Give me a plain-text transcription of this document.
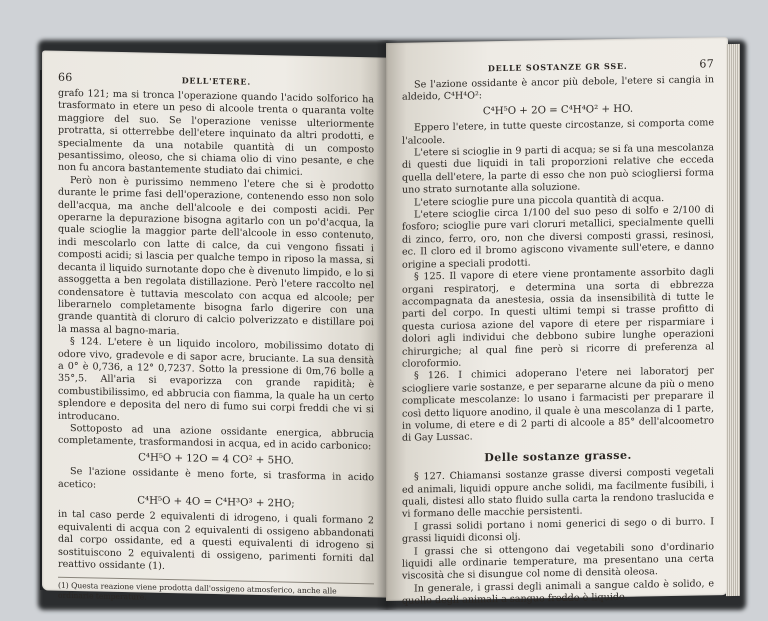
66	DELL'ETERE.

grafo 121; ma si tronca l'operazione quando l'acido solforico ha trasformato in etere un peso di alcoole trenta o quaranta volte maggiore del suo. Se l'operazione venisse ulteriormente protratta, si otterrebbe dell'etere inquinato da altri prodotti, e specialmente da una notabile quantità di un composto pesantissimo, oleoso, che si chiama olio di vino pesante, e che non fu ancora bastantemente studiato dai chimici.

Però non è purissimo nemmeno l'etere che si è prodotto durante le prime fasi dell'operazione, contenendo esso non solo dell'acqua, ma anche dell'alcoole e dei composti acidi. Per operarne la depurazione bisogna agitarlo con un po'd'acqua, la quale scioglie la maggior parte dell'alcoole in esso contenuto, indi mescolarlo con latte di calce, da cui vengono fissati i composti acidi; si lascia per qualche tempo in riposo la massa, si decanta il liquido surnotante dopo che è divenuto limpido, e lo si assoggetta a ben regolata distillazione. Però l'etere raccolto nel condensatore è tuttavia mescolato con acqua ed alcoole; per liberarnelo completamente bisogna farlo digerire con una grande quantità di cloruro di calcio polverizzato e distillare poi la massa al bagno-maria.

§ 124. L'etere è un liquido incoloro, mobilissimo dotato di odore vivo, gradevole e di sapor acre, bruciante. La sua densità a 0° è 0,736, a 12° 0,7237. Sotto la pressione di 0m,76 bolle a 35°,5. All'aria si evaporizza con grande rapidità; è combustibilissimo, ed abbrucia con fiamma, la quale ha un certo splendore e deposita del nero di fumo sui corpi freddi che vi si introducano.

Sottoposto ad una azione ossidante energica, abbrucia completamente, trasformandosi in acqua, ed in acido carbonico:

C⁴H⁵O + 12O = 4 CO² + 5HO.

Se l'azione ossidante è meno forte, si trasforma in acido acetico:

C⁴H⁵O + 4O = C⁴H³O³ + 2HO;

in tal caso perde 2 equivalenti di idrogeno, i quali formano 2 equivalenti di acqua con 2 equivalenti di ossigeno abbandonati dal corpo ossidante, ed a questi equivalenti di idrogeno si sostituiscono 2 equivalenti di ossigeno, parimenti forniti dal reattivo ossidante (1).

(1) Questa reazione viene prodotta dall'ossigeno atmosferico, anche alle ordinarie temperature.
DELLE SOSTANZE GR SSE.	67

Se l'azione ossidante è ancor più debole, l'etere si cangia in aldeido, C⁴H⁴O²:

C⁴H⁵O + 2O = C⁴H⁴O² + HO.

Eppero l'etere, in tutte queste circostanze, si comporta come l'alcoole.

L'etere si scioglie in 9 parti di acqua; se si fa una mescolanza di questi due liquidi in tali proporzioni relative che ecceda quella dell'etere, la parte di esso che non può sciogliersi forma uno strato surnotante alla soluzione.

L'etere scioglie pure una piccola quantità di acqua.

L'etere scioglie circa 1/100 del suo peso di solfo e 2/100 di fosforo; scioglie pure vari cloruri metallici, specialmente quelli di zinco, ferro, oro, non che diversi composti grassi, resinosi, ec. Il cloro ed il bromo agiscono vivamente sull'etere, e danno origine a speciali prodotti.

§ 125. Il vapore di etere viene prontamente assorbito dagli organi respiratorj, e determina una sorta di ebbrezza accompagnata da anestesia, ossia da insensibilità di tutte le parti del corpo. In questi ultimi tempi si trasse profitto di questa curiosa azione del vapore di etere per risparmiare i dolori agli individui che debbono subire lunghe operazioni chirurgiche; al qual fine però si ricorre di preferenza al cloroformio.

§ 126. I chimici adoperano l'etere nei laboratorj per sciogliere varie sostanze, e per separarne alcune da più o meno complicate mescolanze: lo usano i farmacisti per preparare il così detto liquore anodino, il quale è una mescolanza di 1 parte, in volume, di etere e di 2 parti di alcoole a 85° dell'alcoometro di Gay Lussac.

Delle sostanze grasse.

§ 127. Chiamansi sostanze grasse diversi composti vegetali ed animali, liquidi oppure anche solidi, ma facilmente fusibili, i quali, distesi allo stato fluido sulla carta la rendono traslucida e vi formano delle macchie persistenti.

I grassi solidi portano i nomi generici di sego o di burro. I grassi liquidi diconsi olj.

I grassi che si ottengono dai vegetabili sono d'ordinario liquidi alle ordinarie temperature, ma presentano una certa viscosità che si disungue col nome di densità oleosa.

In generale, i grassi degli animali a sangue caldo è solido, e quello degli animali a sangue freddo è liquido.
